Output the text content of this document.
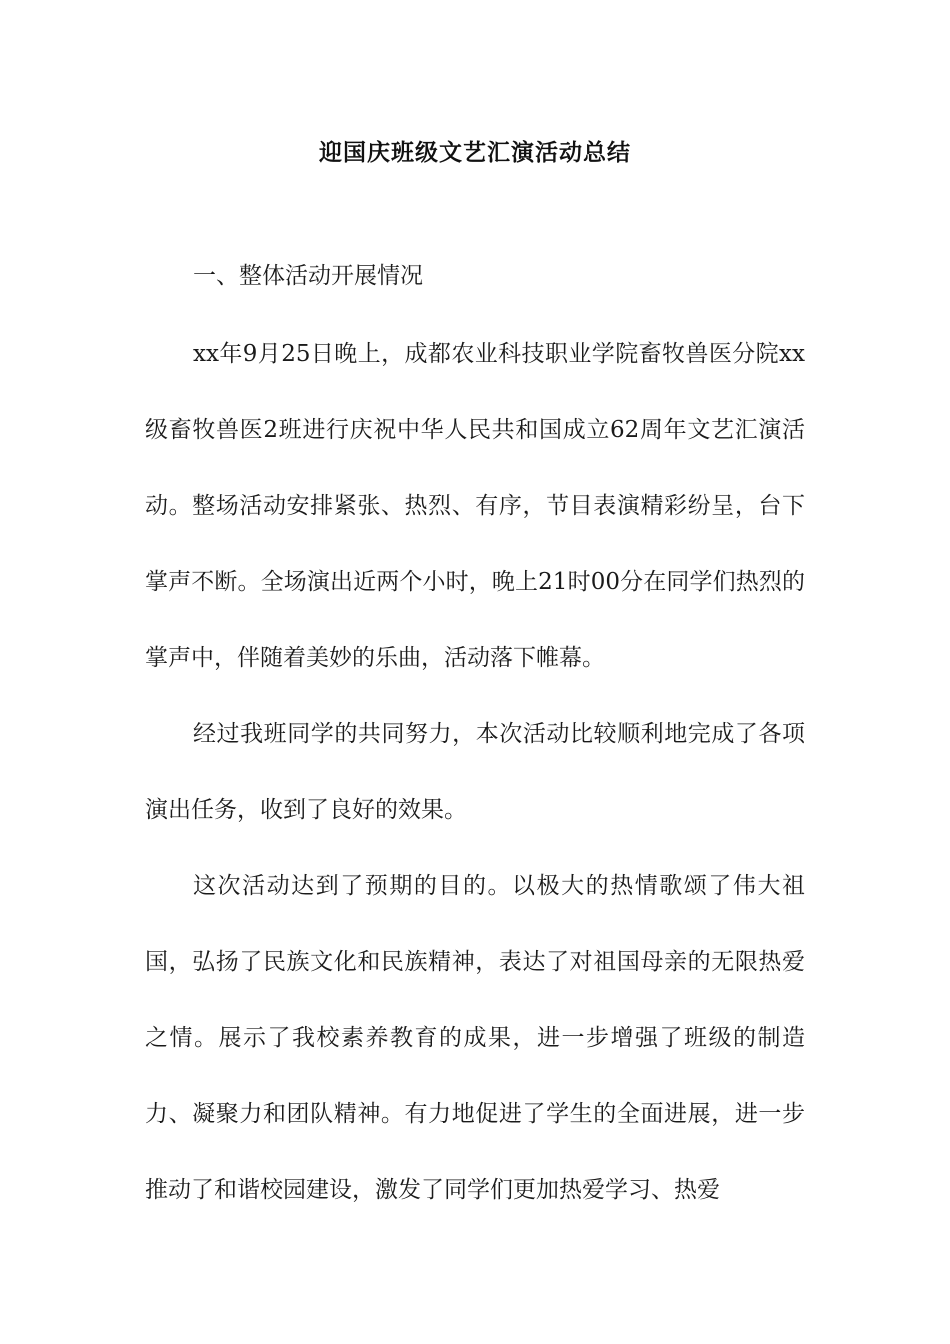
迎国庆班级文艺汇演活动总结
一、整体活动开展情况

xx年9月25日晚上，成都农业科技职业学院畜牧兽医分院xx级畜牧兽医2班进行庆祝中华人民共和国成立62周年文艺汇演活动。整场活动安排紧张、热烈、有序，节目表演精彩纷呈，台下掌声不断。全场演出近两个小时，晚上21时00分在同学们热烈的掌声中，伴随着美妙的乐曲，活动落下帷幕。

经过我班同学的共同努力，本次活动比较顺利地完成了各项演出任务，收到了良好的效果。

这次活动达到了预期的目的。以极大的热情歌颂了伟大祖国，弘扬了民族文化和民族精神，表达了对祖国母亲的无限热爱之情。展示了我校素养教育的成果，进一步增强了班级的制造力、凝聚力和团队精神。有力地促进了学生的全面进展，进一步推动了和谐校园建设，激发了同学们更加热爱学习、热爱
